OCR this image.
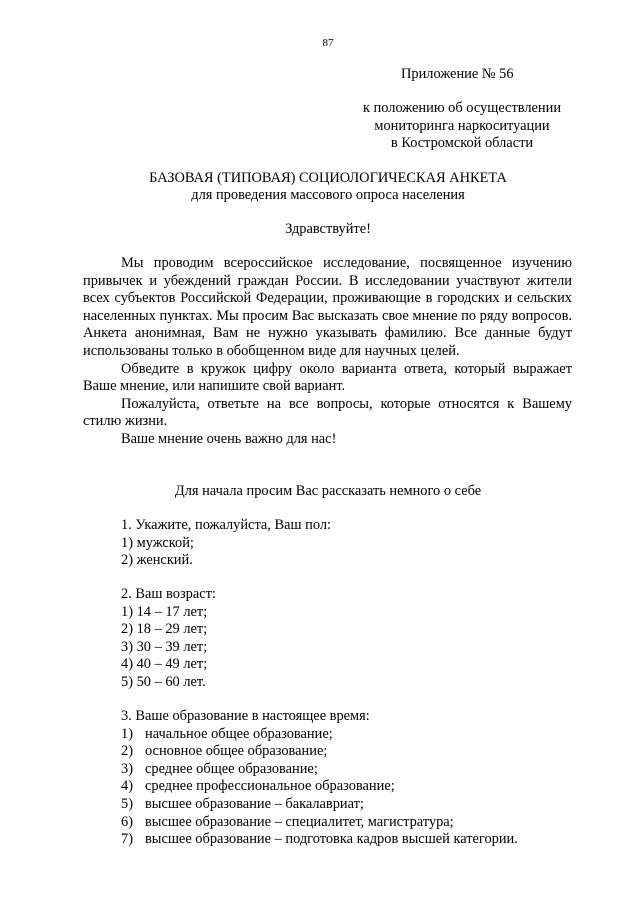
87
Приложение № 56
к положению об осуществлении
мониторинга наркоситуации
в Костромской области
БАЗОВАЯ (ТИПОВАЯ) СОЦИОЛОГИЧЕСКАЯ АНКЕТА
для проведения массового опроса населения
Здравствуйте!

Мы проводим всероссийское исследование, посвященное изучению привычек и убеждений граждан России. В исследовании участвуют жители всех субъектов Российской Федерации, проживающие в городских и сельских населенных пунктах. Мы просим Вас высказать свое мнение по ряду вопросов. Анкета анонимная, Вам не нужно указывать фамилию. Все данные будут использованы только в обобщенном виде для научных целей.

Обведите в кружок цифру около варианта ответа, который выражает Ваше мнение, или напишите свой вариант.

Пожалуйста, ответьте на все вопросы, которые относятся к Вашему стилю жизни.

Ваше мнение очень важно для нас!

Для начала просим Вас рассказать немного о себе

1. Укажите, пожалуйста, Ваш пол:

1) мужской;
2) женский.

2. Ваш возраст:

1) 14 – 17 лет;
2) 18 – 29 лет;
3) 30 – 39 лет;
4) 40 – 49 лет;
5) 50 – 60 лет.

3. Ваше образование в настоящее время:

1) начальное общее образование;
2) основное общее образование;
3) среднее общее образование;
4) среднее профессиональное образование;
5) высшее образование – бакалавриат;
6) высшее образование – специалитет, магистратура;
7) высшее образование – подготовка кадров высшей категории.
